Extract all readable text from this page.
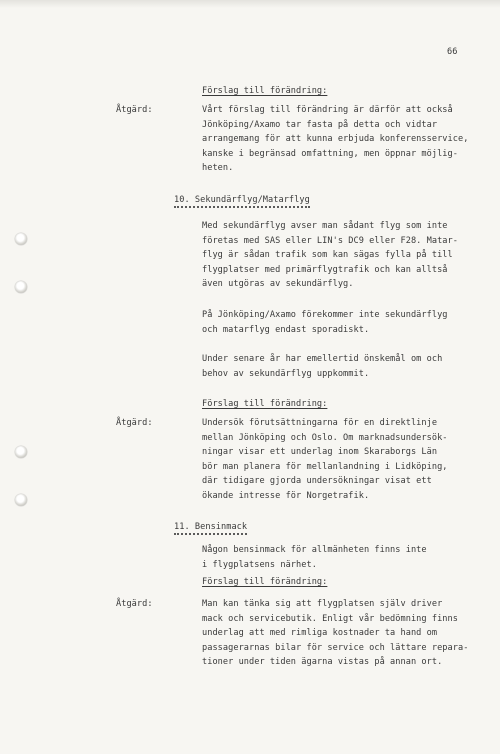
66
Förslag till förändring:
Åtgärd:	Vårt förslag till förändring är därför att också
Jönköping/Axamo tar fasta på detta och vidtar
arrangemang för att kunna erbjuda konferensservice,
kanske i begränsad omfattning, men öppnar möjlig-
heten.
10. Sekundärflyg/Matarflyg
Med sekundärflyg avser man sådant flyg som inte
företas med SAS eller LIN's DC9 eller F28. Matar-
flyg är sådan trafik som kan sägas fylla på till
flygplatser med primärflygtrafik och kan alltså
även utgöras av sekundärflyg.
På Jönköping/Axamo förekommer inte sekundärflyg
och matarflyg endast sporadiskt.
Under senare år har emellertid önskemål om och
behov av sekundärflyg uppkommit.
Förslag till förändring:
Åtgärd:	Undersök förutsättningarna för en direktlinje
mellan Jönköping och Oslo. Om marknadsundersök-
ningar visar ett underlag inom Skaraborgs Län
bör man planera för mellanlandning i Lidköping,
där tidigare gjorda undersökningar visat ett
ökande intresse för Norgetrafik.
11. Bensinmack
Någon bensinmack för allmänheten finns inte
i flygplatsens närhet.
Förslag till förändring:
Åtgärd:	Man kan tänka sig att flygplatsen själv driver
mack och servicebutik. Enligt vår bedömning finns
underlag att med rimliga kostnader ta hand om
passagerarnas bilar för service och lättare repara-
tioner under tiden ägarna vistas på annan ort.
